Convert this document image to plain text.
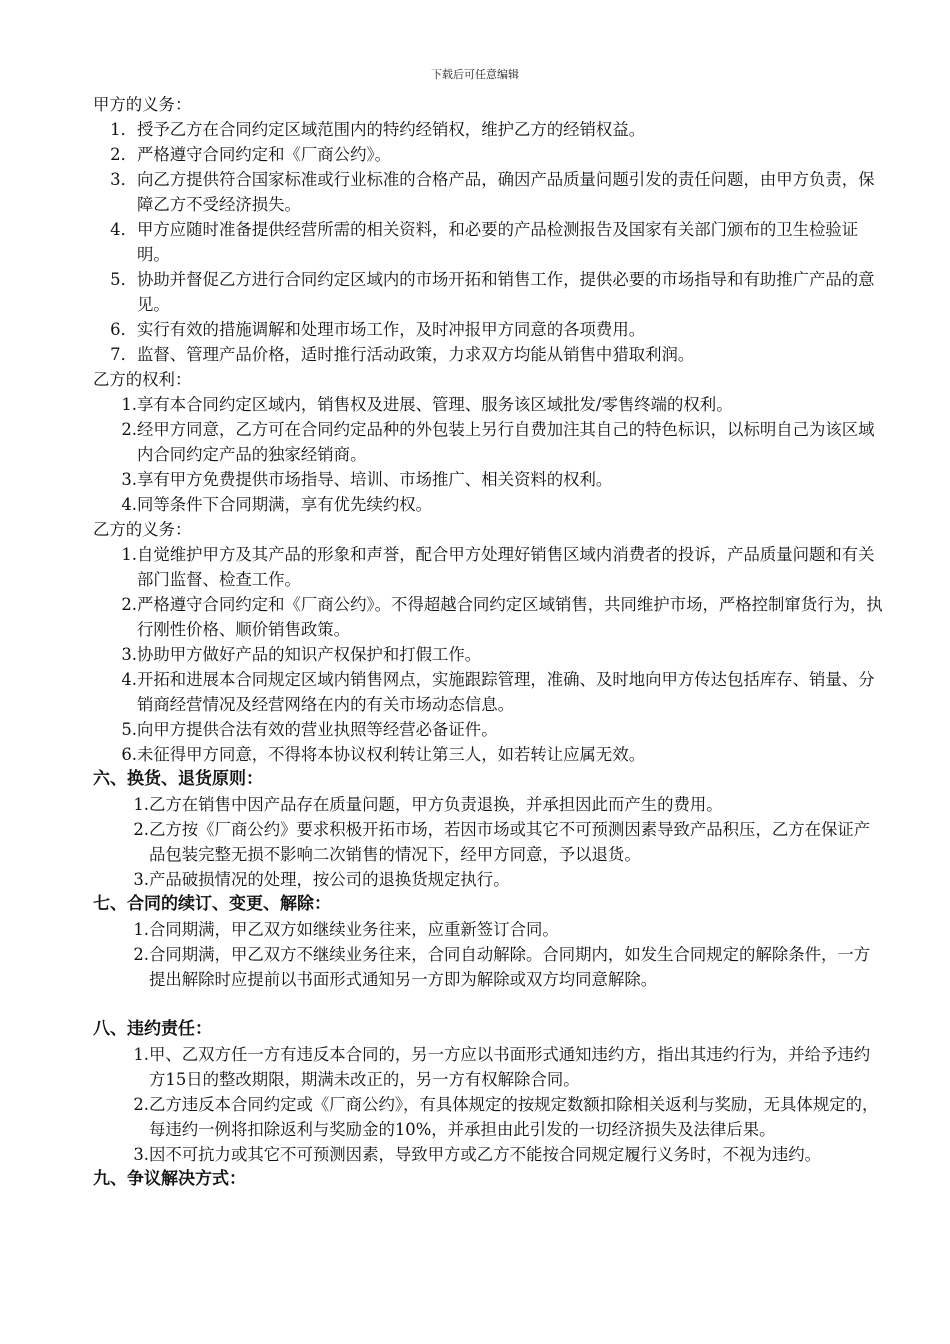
下载后可任意编辑
甲方的义务：
1． 授予乙方在合同约定区域范围内的特约经销权，维护乙方的经销权益。
2． 严格遵守合同约定和《厂商公约》。
3． 向乙方提供符合国家标准或行业标准的合格产品，确因产品质量问题引发的责任问题，由甲方负责，保障乙方不受经济损失。
4． 甲方应随时准备提供经营所需的相关资料，和必要的产品检测报告及国家有关部门颁布的卫生检验证明。
5． 协助并督促乙方进行合同约定区域内的市场开拓和销售工作，提供必要的市场指导和有助推广产品的意见。
6． 实行有效的措施调解和处理市场工作，及时冲报甲方同意的各项费用。
7． 监督、管理产品价格，适时推行活动政策，力求双方均能从销售中猎取利润。
乙方的权利：
1. 享有本合同约定区域内，销售权及进展、管理、服务该区域批发/零售终端的权利。
2. 经甲方同意，乙方可在合同约定品种的外包装上另行自费加注其自己的特色标识，以标明自己为该区域内合同约定产品的独家经销商。
3. 享有甲方免费提供市场指导、培训、市场推广、相关资料的权利。
4. 同等条件下合同期满，享有优先续约权。
乙方的义务：
1. 自觉维护甲方及其产品的形象和声誉，配合甲方处理好销售区域内消费者的投诉，产品质量问题和有关部门监督、检查工作。
2. 严格遵守合同约定和《厂商公约》。不得超越合同约定区域销售，共同维护市场，严格控制窜货行为，执行刚性价格、顺价销售政策。
3. 协助甲方做好产品的知识产权保护和打假工作。
4. 开拓和进展本合同规定区域内销售网点，实施跟踪管理，准确、及时地向甲方传达包括库存、销量、分销商经营情况及经营网络在内的有关市场动态信息。
5. 向甲方提供合法有效的营业执照等经营必备证件。
6. 未征得甲方同意，不得将本协议权利转让第三人，如若转让应属无效。
六、换货、退货原则：
1. 乙方在销售中因产品存在质量问题，甲方负责退换，并承担因此而产生的费用。
2. 乙方按《厂商公约》要求积极开拓市场，若因市场或其它不可预测因素导致产品积压，乙方在保证产品包装完整无损不影响二次销售的情况下，经甲方同意，予以退货。
3. 产品破损情况的处理，按公司的退换货规定执行。
七、合同的续订、变更、解除：
1. 合同期满，甲乙双方如继续业务往来，应重新签订合同。
2. 合同期满，甲乙双方不继续业务往来，合同自动解除。合同期内，如发生合同规定的解除条件，一方提出解除时应提前以书面形式通知另一方即为解除或双方均同意解除。
八、违约责任：
1. 甲、乙双方任一方有违反本合同的，另一方应以书面形式通知违约方，指出其违约行为，并给予违约方15日的整改期限，期满未改正的，另一方有权解除合同。
2. 乙方违反本合同约定或《厂商公约》，有具体规定的按规定数额扣除相关返利与奖励，无具体规定的，每违约一例将扣除返利与奖励金的10%，并承担由此引发的一切经济损失及法律后果。
3. 因不可抗力或其它不可预测因素，导致甲方或乙方不能按合同规定履行义务时，不视为违约。
九、争议解决方式：
